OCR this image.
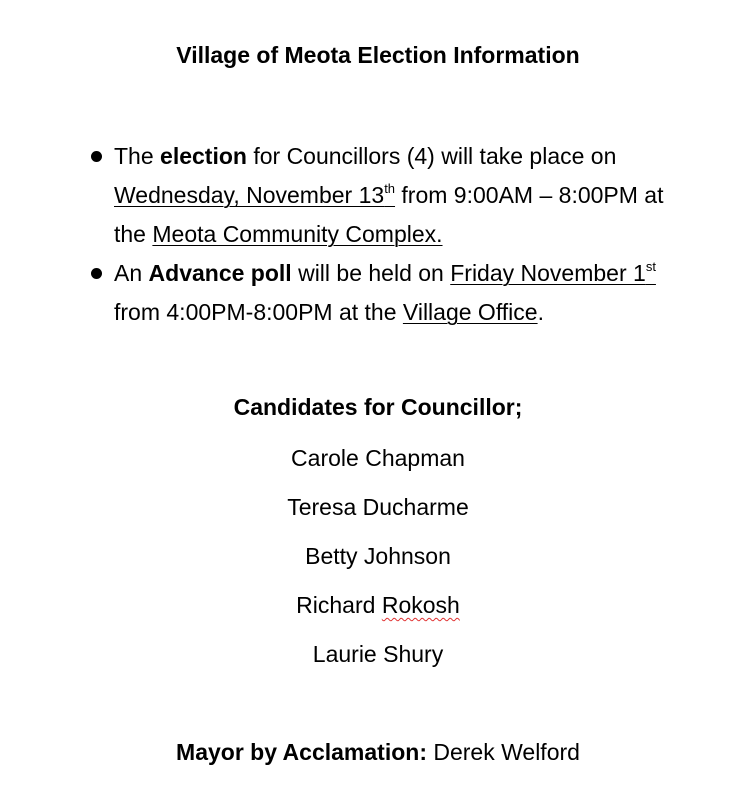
Village of Meota Election Information
The election for Councillors (4) will take place on Wednesday, November 13th from 9:00AM – 8:00PM at the Meota Community Complex.
An Advance poll will be held on Friday November 1st from 4:00PM-8:00PM at the Village Office.
Candidates for Councillor;
Carole Chapman
Teresa Ducharme
Betty Johnson
Richard Rokosh
Laurie Shury
Mayor by Acclamation: Derek Welford
